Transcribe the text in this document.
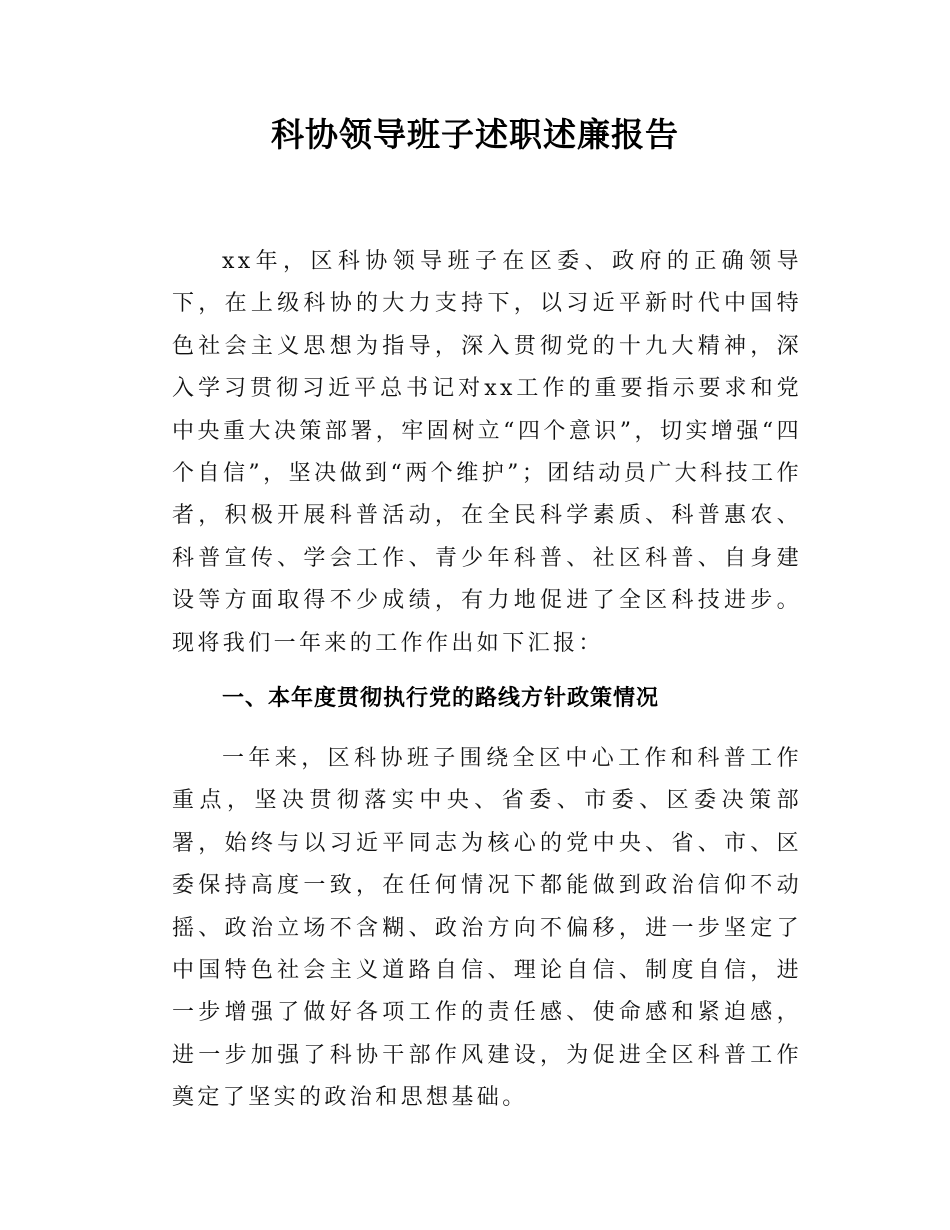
科协领导班子述职述廉报告

xx年，区科协领导班子在区委、政府的正确领导下，在上级科协的大力支持下，以习近平新时代中国特色社会主义思想为指导，深入贯彻党的十九大精神，深入学习贯彻习近平总书记对xx工作的重要指示要求和党中央重大决策部署，牢固树立“四个意识”，切实增强“四个自信”，坚决做到“两个维护”；团结动员广大科技工作者，积极开展科普活动，在全民科学素质、科普惠农、科普宣传、学会工作、青少年科普、社区科普、自身建设等方面取得不少成绩，有力地促进了全区科技进步。现将我们一年来的工作作出如下汇报：

一、本年度贯彻执行党的路线方针政策情况

一年来，区科协班子围绕全区中心工作和科普工作重点，坚决贯彻落实中央、省委、市委、区委决策部署，始终与以习近平同志为核心的党中央、省、市、区委保持高度一致，在任何情况下都能做到政治信仰不动摇、政治立场不含糊、政治方向不偏移，进一步坚定了中国特色社会主义道路自信、理论自信、制度自信，进一步增强了做好各项工作的责任感、使命感和紧迫感，进一步加强了科协干部作风建设，为促进全区科普工作奠定了坚实的政治和思想基础。
